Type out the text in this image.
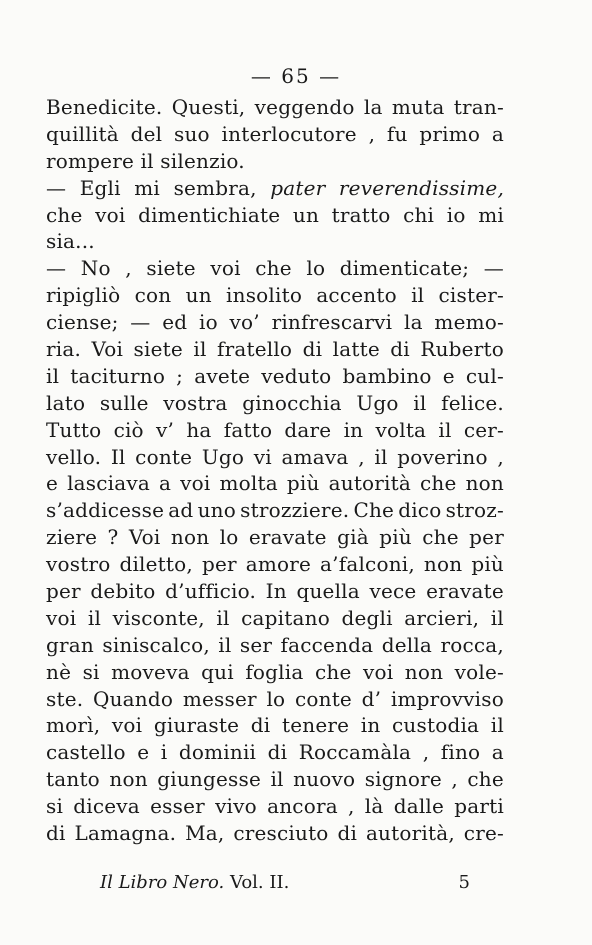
— 65 —
Benedicite. Questi, veggendo la muta tran-
quillità del suo interlocutore , fu primo a
rompere il silenzio.
— Egli mi sembra, pater reverendissime,
che voi dimentichiate un tratto chi io mi
sia...
— No , siete voi che lo dimenticate; —
ripigliò con un insolito accento il cister-
ciense; — ed io vo’ rinfrescarvi la memo-
ria. Voi siete il fratello di latte di Ruberto
il taciturno ; avete veduto bambino e cul-
lato sulle vostra ginocchia Ugo il felice.
Tutto ciò v’ ha fatto dare in volta il cer-
vello. Il conte Ugo vi amava , il poverino ,
e lasciava a voi molta più autorità che non
s’addicesse ad uno strozziere. Che dico stroz-
ziere ? Voi non lo eravate già più che per
vostro diletto, per amore a’falconi, non più
per debito d’ufficio. In quella vece eravate
voi il visconte, il capitano degli arcieri, il
gran siniscalco, il ser faccenda della rocca,
nè si moveva qui foglia che voi non vole-
ste. Quando messer lo conte d’ improvviso
morì, voi giuraste di tenere in custodia il
castello e i dominii di Roccamàla , fino a
tanto non giungesse il nuovo signore , che
si diceva esser vivo ancora , là dalle parti
di Lamagna. Ma, cresciuto di autorità, cre-
Il Libro Nero. Vol. II.	5
